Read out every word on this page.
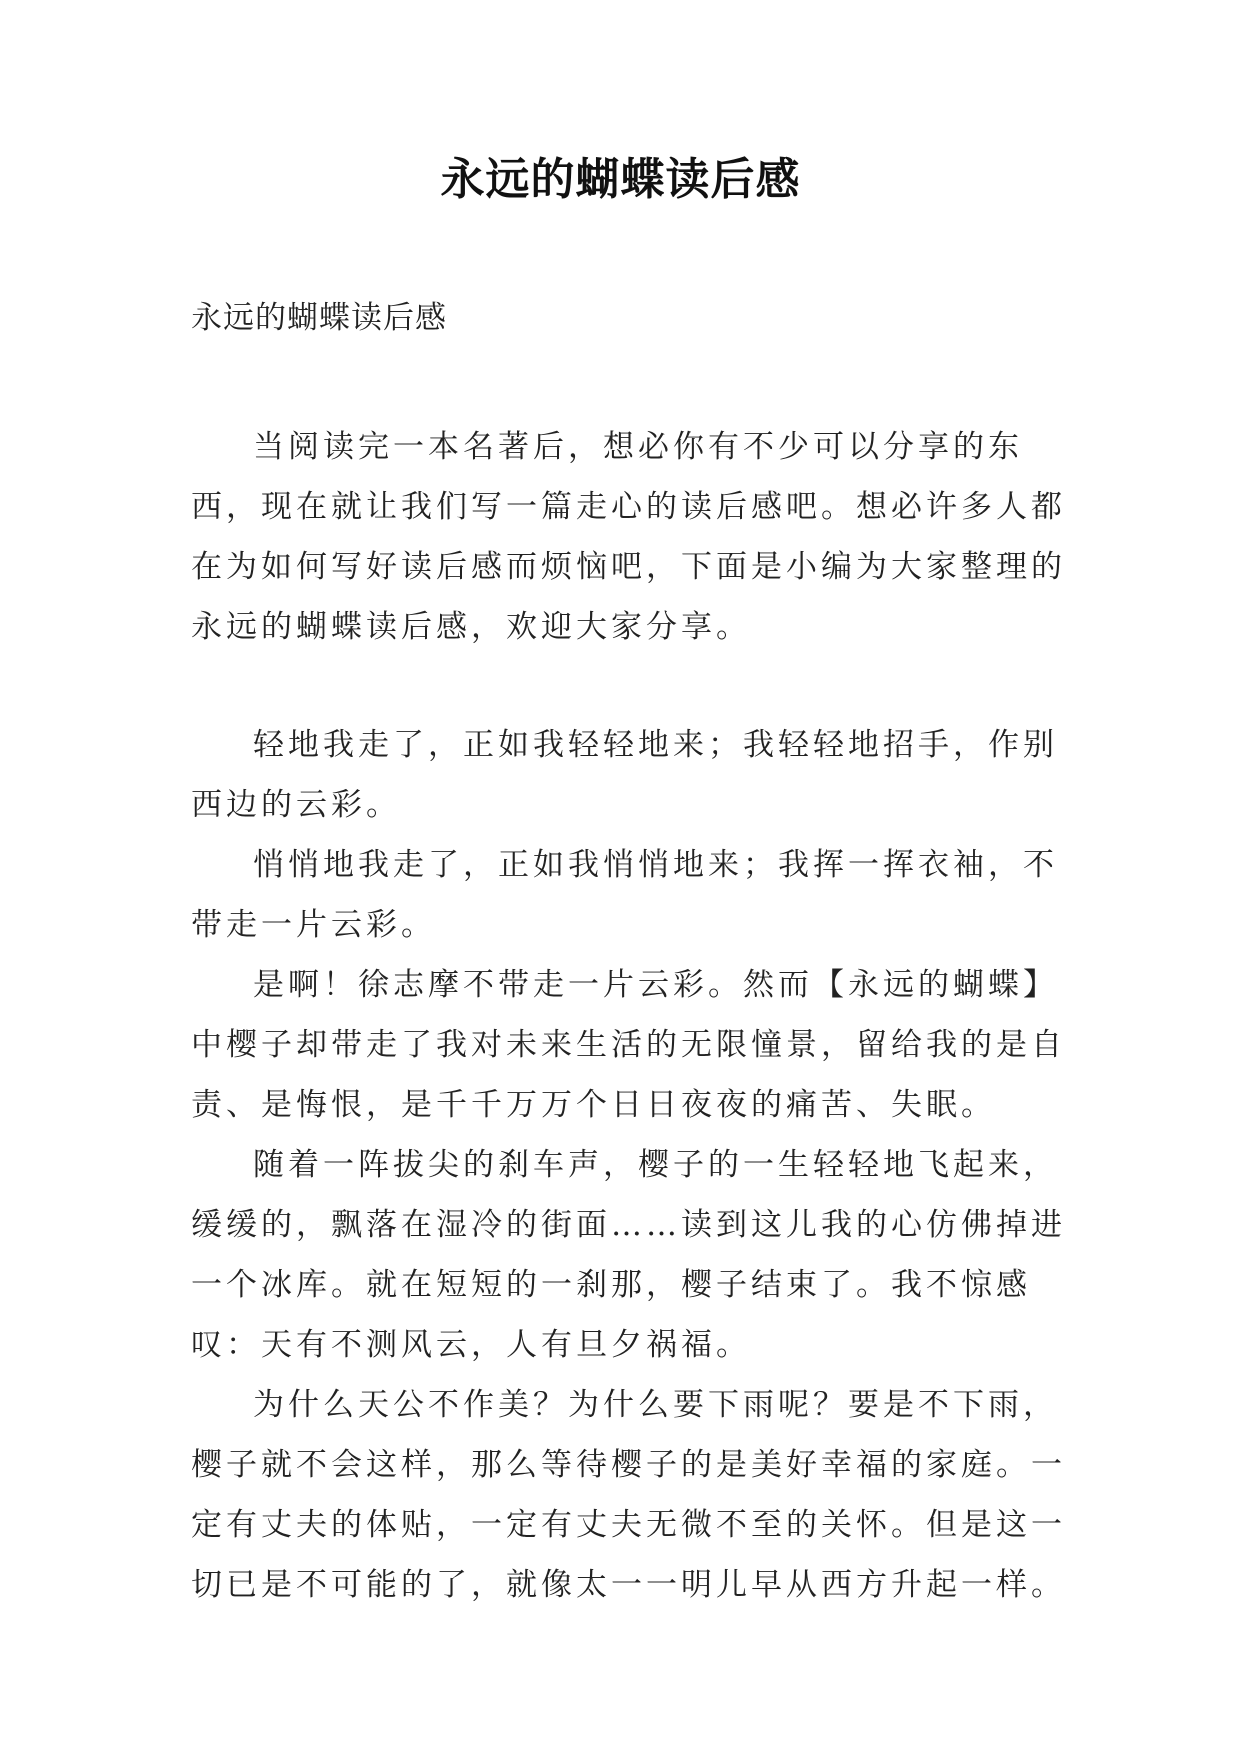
永远的蝴蝶读后感

永远的蝴蝶读后感

当阅读完一本名著后，想必你有不少可以分享的东西，现在就让我们写一篇走心的读后感吧。想必许多人都在为如何写好读后感而烦恼吧，下面是小编为大家整理的永远的蝴蝶读后感，欢迎大家分享。

轻地我走了，正如我轻轻地来；我轻轻地招手，作别西边的云彩。

悄悄地我走了，正如我悄悄地来；我挥一挥衣袖，不带走一片云彩。

是啊！徐志摩不带走一片云彩。然而【永远的蝴蝶】中樱子却带走了我对未来生活的无限憧景，留给我的是自责、是悔恨，是千千万万个日日夜夜的痛苦、失眠。

随着一阵拔尖的刹车声，樱子的一生轻轻地飞起来，缓缓的，飘落在湿冷的街面……读到这儿我的心仿佛掉进一个冰库。就在短短的一刹那，樱子结束了。我不惊感叹：天有不测风云，人有旦夕祸福。

为什么天公不作美？为什么要下雨呢？要是不下雨，樱子就不会这样，那么等待樱子的是美好幸福的家庭。一定有丈夫的体贴，一定有丈夫无微不至的关怀。但是这一切已是不可能的了，就像太一一明儿早从西方升起一样。
